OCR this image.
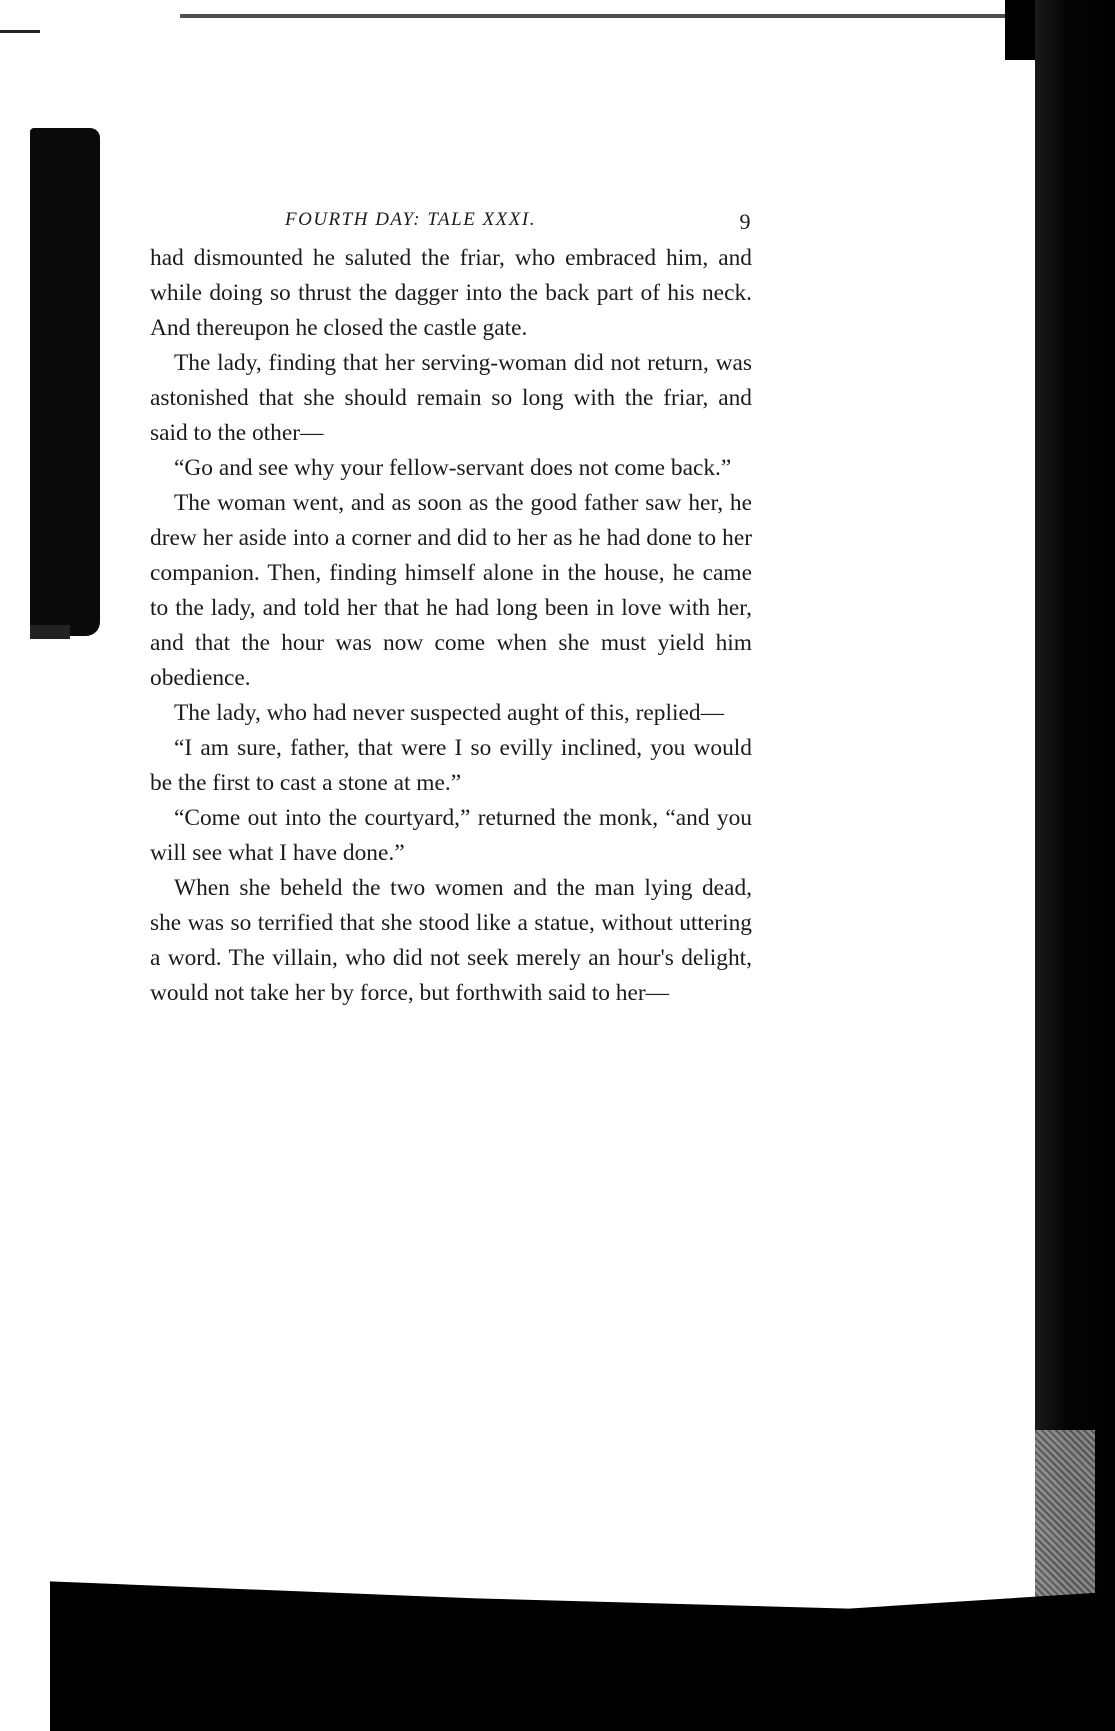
FOURTH DAY: TALE XXXI.	9

had dismounted he saluted the friar, who embraced him, and while doing so thrust the dagger into the back part of his neck. And thereupon he closed the castle gate.

The lady, finding that her serving-woman did not return, was astonished that she should remain so long with the friar, and said to the other—

“Go and see why your fellow-servant does not come back.”

The woman went, and as soon as the good father saw her, he drew her aside into a corner and did to her as he had done to her companion. Then, finding himself alone in the house, he came to the lady, and told her that he had long been in love with her, and that the hour was now come when she must yield him obedience.

The lady, who had never suspected aught of this, replied—

“I am sure, father, that were I so evilly inclined, you would be the first to cast a stone at me.”

“Come out into the courtyard,” returned the monk, “and you will see what I have done.”

When she beheld the two women and the man lying dead, she was so terrified that she stood like a statue, without uttering a word. The villain, who did not seek merely an hour's delight, would not take her by force, but forthwith said to her—
